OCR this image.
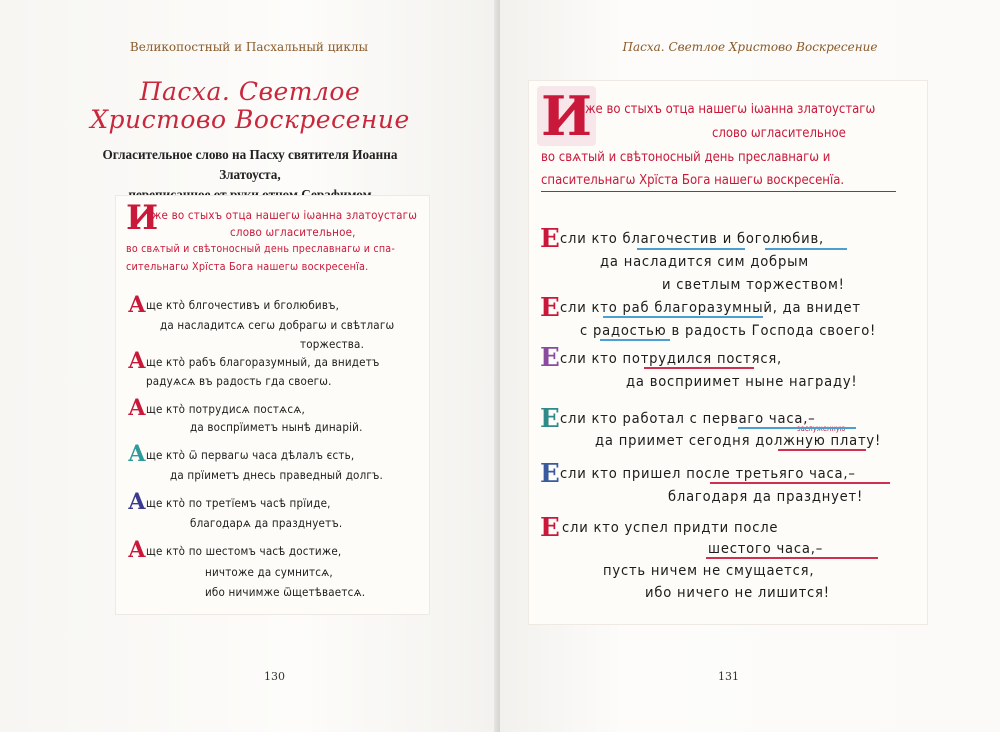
Великопостный и Пасхальный циклы
Пасха. Светлое
Христово Воскресение
Огласительное слово на Пасху святителя Иоанна Златоуста,
И
же во стыхъ отца нашегѡ іѡанна златоустагѡ
слово ѡгласительное,
во свѧтый и свѣтоносный день преславнагѡ и спа-
сительнагѡ Хрїста Бога нашегѡ воскресенїа.
А ще кто̀ блгочестивъ и бголюбивъ,
да насладитсѧ сегѡ добрагѡ и свѣтлагѡ
торжества.
А ще кто̀ рабъ благоразумный, да внидетъ
радуѧсѧ въ радость гда своегѡ.
А ще кто̀ потрудисѧ постѧсѧ,
да воспрїиметъ нынѣ динарій.
А ще кто̀ ѿ первагѡ часа дѣлалъ єсть,
да прїиметъ днесь праведный долгъ.
А ще кто̀ по третїемъ часѣ прїиде,
благодарѧ да празднуетъ.
А ще кто̀ по шестомъ часѣ достиже,
ничтоже да сумнитсѧ,
ибо ничимже ѿщетѣваетсѧ.
130
Пасха. Светлое Христово Воскресение
И
же во стыхъ отца нашегѡ іѡанна златоустагѡ
слово ѡгласительное
во свѧтый и свѣтоносный день преславнагѡ и
спасительнагѡ Хрїста Бога нашегѡ воскресенїа.
Е сли кто благочестив и боголюбив,
да насладится сим добрым
и светлым торжеством!
Е сли кто раб благоразумный, да внидет
с радостью в радость Господа своего!
Е сли кто потрудился постяся,
да восприимет ныне награду!
Е сли кто работал с перваго часа,–
да приимет сегодня должную плату!
Е сли кто пришел после третьяго часа,–
благодаря да празднует!
Е сли кто успел придти после
шестого часа,–
пусть ничем не смущается,
ибо ничего не лишится!
131
